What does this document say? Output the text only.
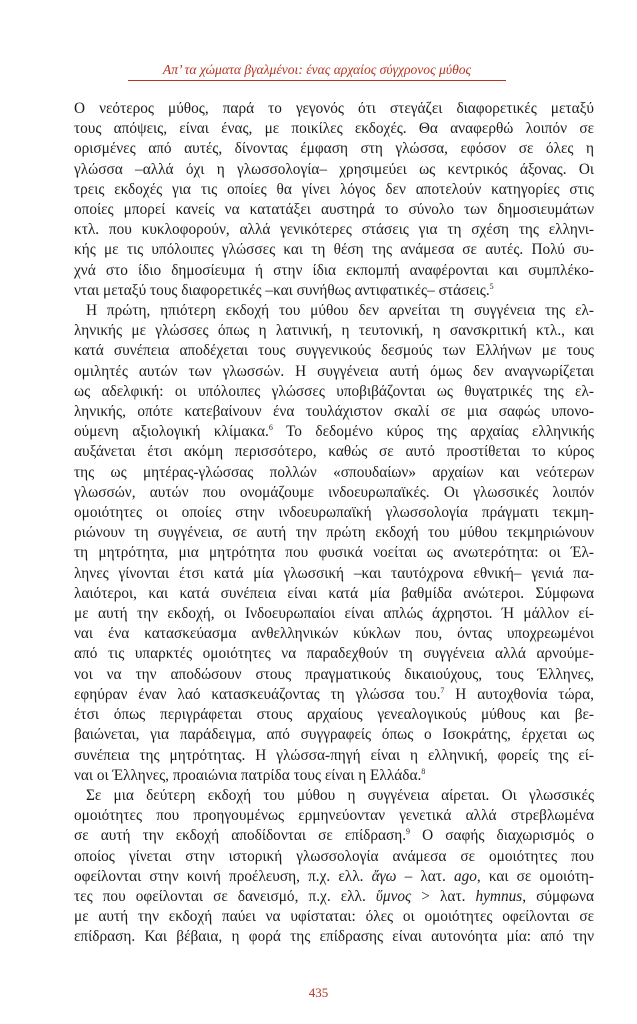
Απ’ τα χώματα βγαλμένοι: ένας αρχαίος σύγχρονος μύθος

Ο νεότερος μύθος, παρά το γεγονός ότι στεγάζει διαφορετικές μεταξύ
τους απόψεις, είναι ένας, με ποικίλες εκδοχές. Θα αναφερθώ λοιπόν σε
ορισμένες από αυτές, δίνοντας έμφαση στη γλώσσα, εφόσον σε όλες η
γλώσσα –αλλά όχι η γλωσσολογία– χρησιμεύει ως κεντρικός άξονας. Οι
τρεις εκδοχές για τις οποίες θα γίνει λόγος δεν αποτελούν κατηγορίες στις
οποίες μπορεί κανείς να κατατάξει αυστηρά το σύνολο των δημοσιευμάτων
κτλ. που κυκλοφορούν, αλλά γενικότερες στάσεις για τη σχέση της ελληνι-
κής με τις υπόλοιπες γλώσσες και τη θέση της ανάμεσα σε αυτές. Πολύ συ-
χνά στο ίδιο δημοσίευμα ή στην ίδια εκπομπή αναφέρονται και συμπλέκο-
νται μεταξύ τους διαφορετικές –και συνήθως αντιφατικές– στάσεις.$^5$

Η πρώτη, ηπιότερη εκδοχή του μύθου δεν αρνείται τη συγγένεια της ελ-
ληνικής με γλώσσες όπως η λατινική, η τευτονική, η σανσκριτική κτλ., και
κατά συνέπεια αποδέχεται τους συγγενικούς δεσμούς των Ελλήνων με τους
ομιλητές αυτών των γλωσσών. Η συγγένεια αυτή όμως δεν αναγνωρίζεται
ως αδελφική: οι υπόλοιπες γλώσσες υποβιβάζονται ως θυγατρικές της ελ-
ληνικής, οπότε κατεβαίνουν ένα τουλάχιστον σκαλί σε μια σαφώς υπονο-
ούμενη αξιολογική κλίμακα.$^6$ Το δεδομένο κύρος της αρχαίας ελληνικής
αυξάνεται έτσι ακόμη περισσότερο, καθώς σε αυτό προστίθεται το κύρος
της ως μητέρας-γλώσσας πολλών «σπουδαίων» αρχαίων και νεότερων
γλωσσών, αυτών που ονομάζουμε ινδοευρωπαϊκές. Οι γλωσσικές λοιπόν
ομοιότητες οι οποίες στην ινδοευρωπαϊκή γλωσσολογία πράγματι τεκμη-
ριώνουν τη συγγένεια, σε αυτή την πρώτη εκδοχή του μύθου τεκμηριώνουν
τη μητρότητα, μια μητρότητα που φυσικά νοείται ως ανωτερότητα: οι Έλ-
ληνες γίνονται έτσι κατά μία γλωσσική –και ταυτόχρονα εθνική– γενιά πα-
λαιότεροι, και κατά συνέπεια είναι κατά μία βαθμίδα ανώτεροι. Σύμφωνα
με αυτή την εκδοχή, οι Ινδοευρωπαίοι είναι απλώς άχρηστοι. Ή μάλλον εί-
ναι ένα κατασκεύασμα ανθελληνικών κύκλων που, όντας υποχρεωμένοι
από τις υπαρκτές ομοιότητες να παραδεχθούν τη συγγένεια αλλά αρνούμε-
νοι να την αποδώσουν στους πραγματικούς δικαιούχους, τους Έλληνες,
εφηύραν έναν λαό κατασκευάζοντας τη γλώσσα του.$^7$ Η αυτοχθονία τώρα,
έτσι όπως περιγράφεται στους αρχαίους γενεαλογικούς μύθους και βε-
βαιώνεται, για παράδειγμα, από συγγραφείς όπως ο Ισοκράτης, έρχεται ως
συνέπεια της μητρότητας. Η γλώσσα-πηγή είναι η ελληνική, φορείς της εί-
ναι οι Έλληνες, προαιώνια πατρίδα τους είναι η Ελλάδα.$^8$

Σε μια δεύτερη εκδοχή του μύθου η συγγένεια αίρεται. Οι γλωσσικές
ομοιότητες που προηγουμένως ερμηνεύονταν γενετικά αλλά στρεβλωμένα
σε αυτή την εκδοχή αποδίδονται σε επίδραση.$^9$ Ο σαφής διαχωρισμός ο
οποίος γίνεται στην ιστορική γλωσσολογία ανάμεσα σε ομοιότητες που
οφείλονται στην κοινή προέλευση, π.χ. ελλ. ἄγω – λατ. ago, και σε ομοιότη-
τες που οφείλονται σε δανεισμό, π.χ. ελλ. ὕμνος > λατ. hymnus, σύμφωνα
με αυτή την εκδοχή παύει να υφίσταται: όλες οι ομοιότητες οφείλονται σε
επίδραση. Και βέβαια, η φορά της επίδρασης είναι αυτονόητα μία: από την

435
